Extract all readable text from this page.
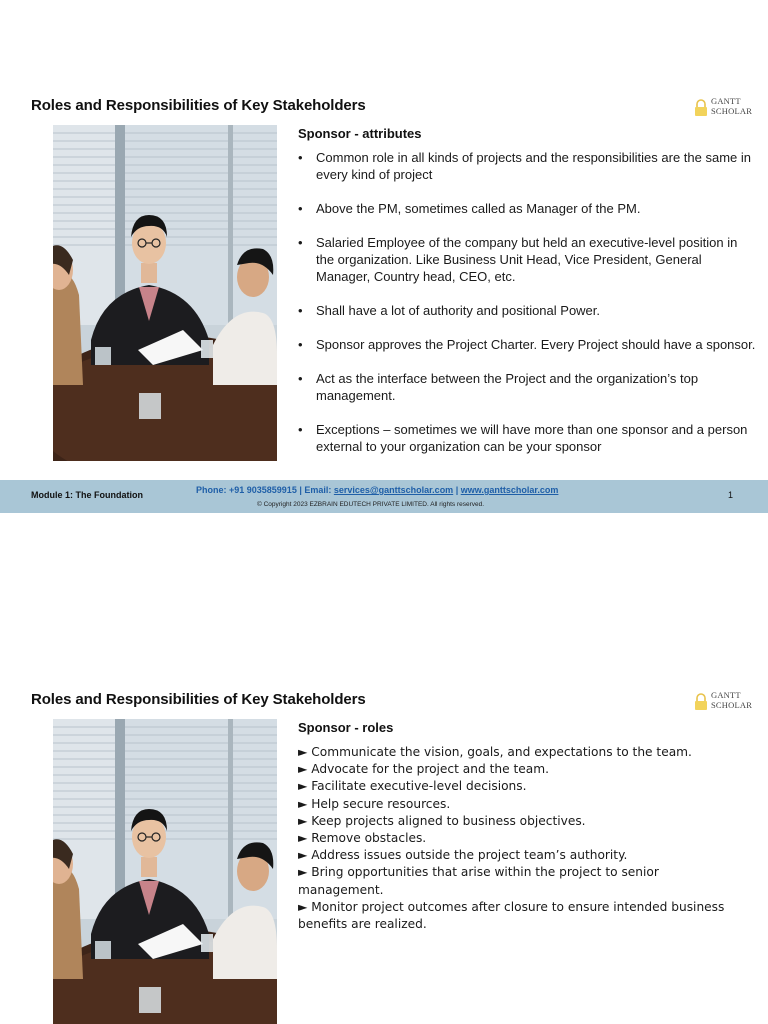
Roles and Responsibilities of Key Stakeholders	GANTT
SCHOLAR
Sponsor - attributes
• Common role in all kinds of projects and the responsibilities are the same in every kind of project
• Above the PM, sometimes called as Manager of the PM.
• Salaried Employee of the company but held an executive-level position in the organization. Like Business Unit Head, Vice President, General Manager, Country head, CEO, etc.
• Shall have a lot of authority and positional Power.
• Sponsor approves the Project Charter. Every Project should have a sponsor.
• Act as the interface between the Project and the organization’s top management.
• Exceptions – sometimes we will have more than one sponsor and a person external to your organization can be your sponsor
Module 1: The Foundation	Phone: +91 9035859915 | Email: services@ganttscholar.com | www.ganttscholar.com
© Copyright 2023 EZBRAIN EDUTECH PRIVATE LIMITED. All rights reserved.
1
Roles and Responsibilities of Key Stakeholders	GANTT
SCHOLAR
Sponsor - roles
► Communicate the vision, goals, and expectations to the team.
► Advocate for the project and the team.
► Facilitate executive-level decisions.
► Help secure resources.
► Keep projects aligned to business objectives.
► Remove obstacles.
► Address issues outside the project team’s authority.
► Bring opportunities that arise within the project to senior management.
► Monitor project outcomes after closure to ensure intended business benefits are realized.
